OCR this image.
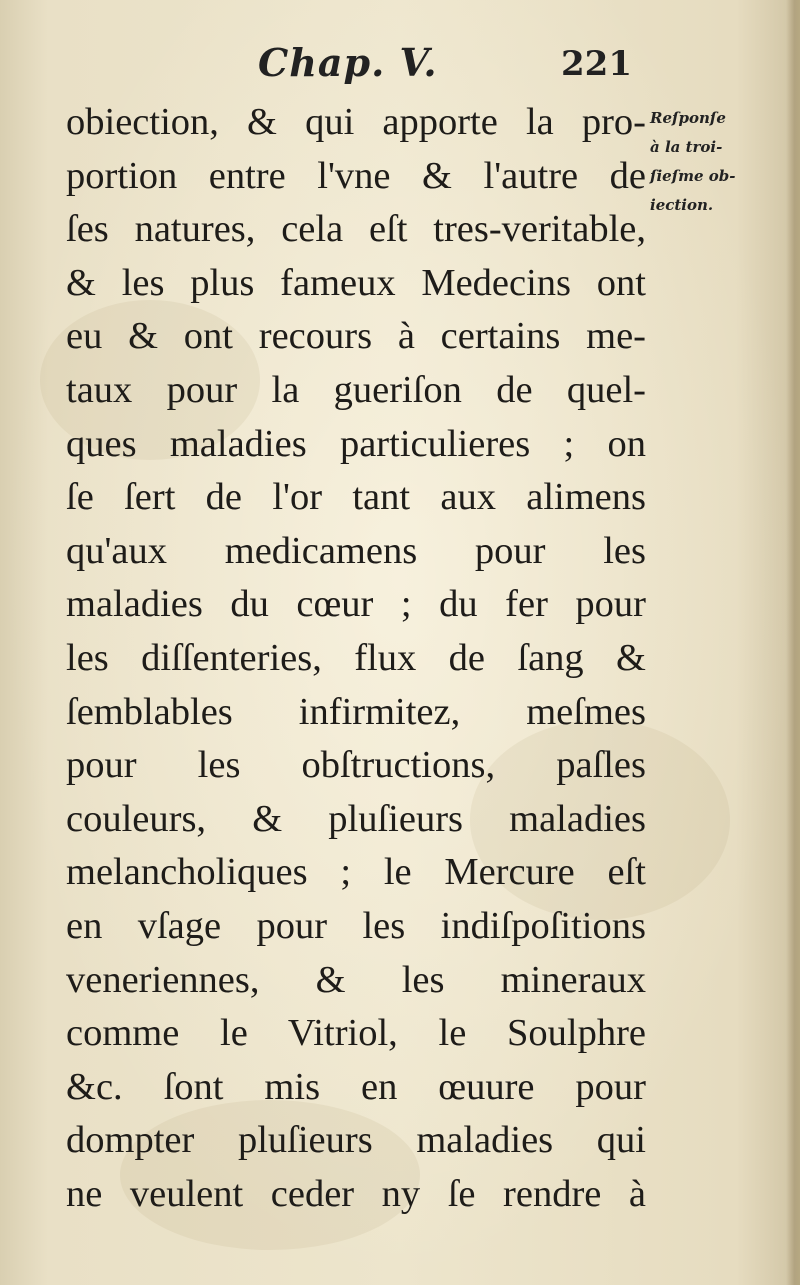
Chap. V.	221
Reſponſe
à la troi-
ſieſme ob-
iection.
obiection, & qui apporte la pro-
portion entre l'vne & l'autre de
ſes natures, cela eſt tres-veritable,
& les plus fameux Medecins ont
eu & ont recours à certains me-
taux pour la gueriſon de quel-
ques maladies particulieres ; on
ſe ſert de l'or tant aux alimens
qu'aux medicamens pour les
maladies du cœur ; du fer pour
les diſſenteries, flux de ſang &
ſemblables infirmitez, meſmes
pour les obſtructions, paſles
couleurs, & pluſieurs maladies
melancholiques ; le Mercure eſt
en vſage pour les indiſpoſitions
veneriennes, & les mineraux
comme le Vitriol, le Soulphre
&c. ſont mis en œuure pour
dompter pluſieurs maladies qui
ne veulent ceder ny ſe rendre à
